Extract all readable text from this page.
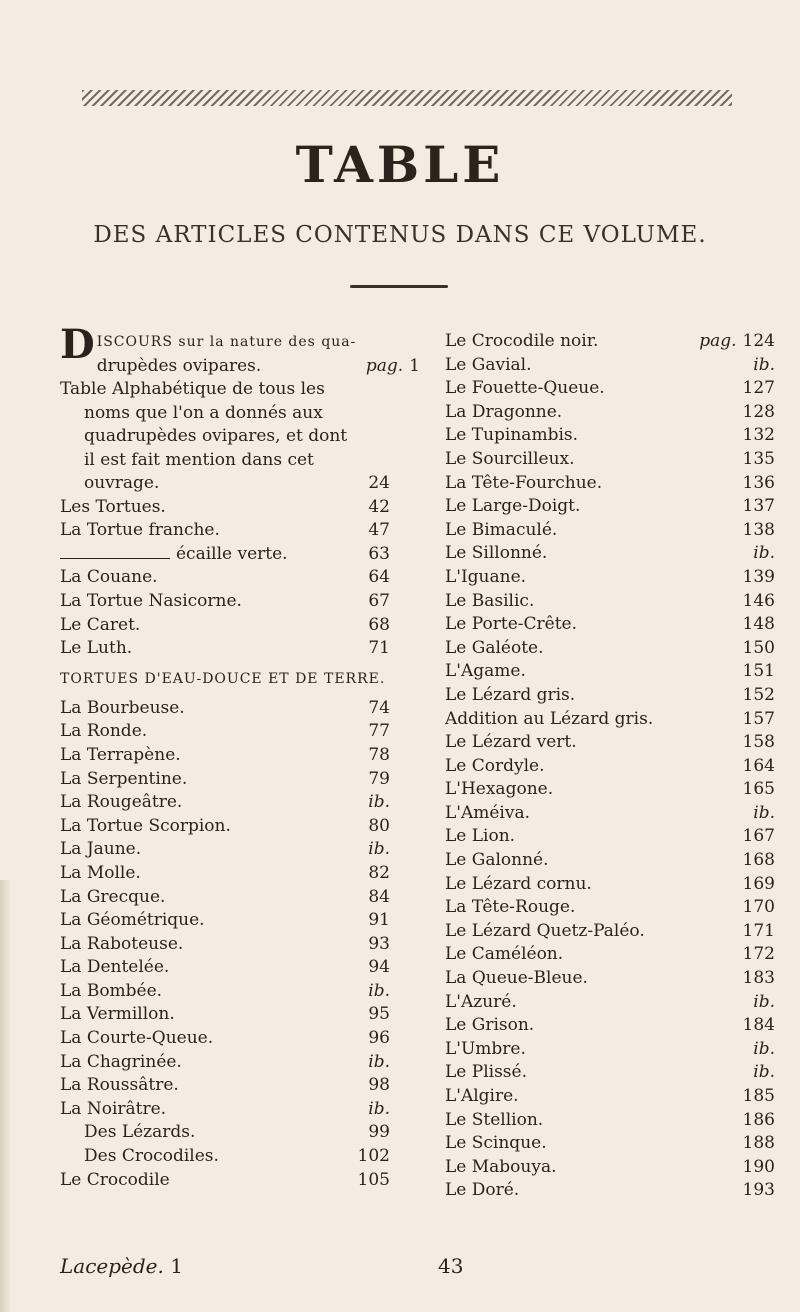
TABLE
DES ARTICLES CONTENUS DANS CE VOLUME.

DISCOURS sur la nature des qua-

drupèdes ovipares.	pag. 1
Table Alphabétique de tous les
noms que l'on a donnés aux
quadrupèdes ovipares, et dont
il est fait mention dans cet
ouvrage.	24
Les Tortues.	42
La Tortue franche.	47
écaille verte.	63
La Couane.	64
La Tortue Nasicorne.	67
Le Caret.	68
Le Luth.	71
TORTUES D'EAU-DOUCE ET DE TERRE.
La Bourbeuse.	74
La Ronde.	77
La Terrapène.	78
La Serpentine.	79
La Rougeâtre.	ib.
La Tortue Scorpion.	80
La Jaune.	ib.
La Molle.	82
La Grecque.	84
La Géométrique.	91
La Raboteuse.	93
La Dentelée.	94
La Bombée.	ib.
La Vermillon.	95
La Courte-Queue.	96
La Chagrinée.	ib.
La Roussâtre.	98
La Noirâtre.	ib.
Des Lézards.	99
Des Crocodiles.	102
Le Crocodile	105
Le Crocodile noir.	pag. 124
Le Gavial.	ib.
Le Fouette-Queue.	127
La Dragonne.	128
Le Tupinambis.	132
Le Sourcilleux.	135
La Tête-Fourchue.	136
Le Large-Doigt.	137
Le Bimaculé.	138
Le Sillonné.	ib.
L'Iguane.	139
Le Basilic.	146
Le Porte-Crête.	148
Le Galéote.	150
L'Agame.	151
Le Lézard gris.	152
Addition au Lézard gris.	157
Le Lézard vert.	158
Le Cordyle.	164
L'Hexagone.	165
L'Améiva.	ib.
Le Lion.	167
Le Galonné.	168
Le Lézard cornu.	169
La Tête-Rouge.	170
Le Lézard Quetz-Paléo.	171
Le Caméléon.	172
La Queue-Bleue.	183
L'Azuré.	ib.
Le Grison.	184
L'Umbre.	ib.
Le Plissé.	ib.
L'Algire.	185
Le Stellion.	186
Le Scinque.	188
Le Mabouya.	190
Le Doré.	193
Lacepède. 1	43
